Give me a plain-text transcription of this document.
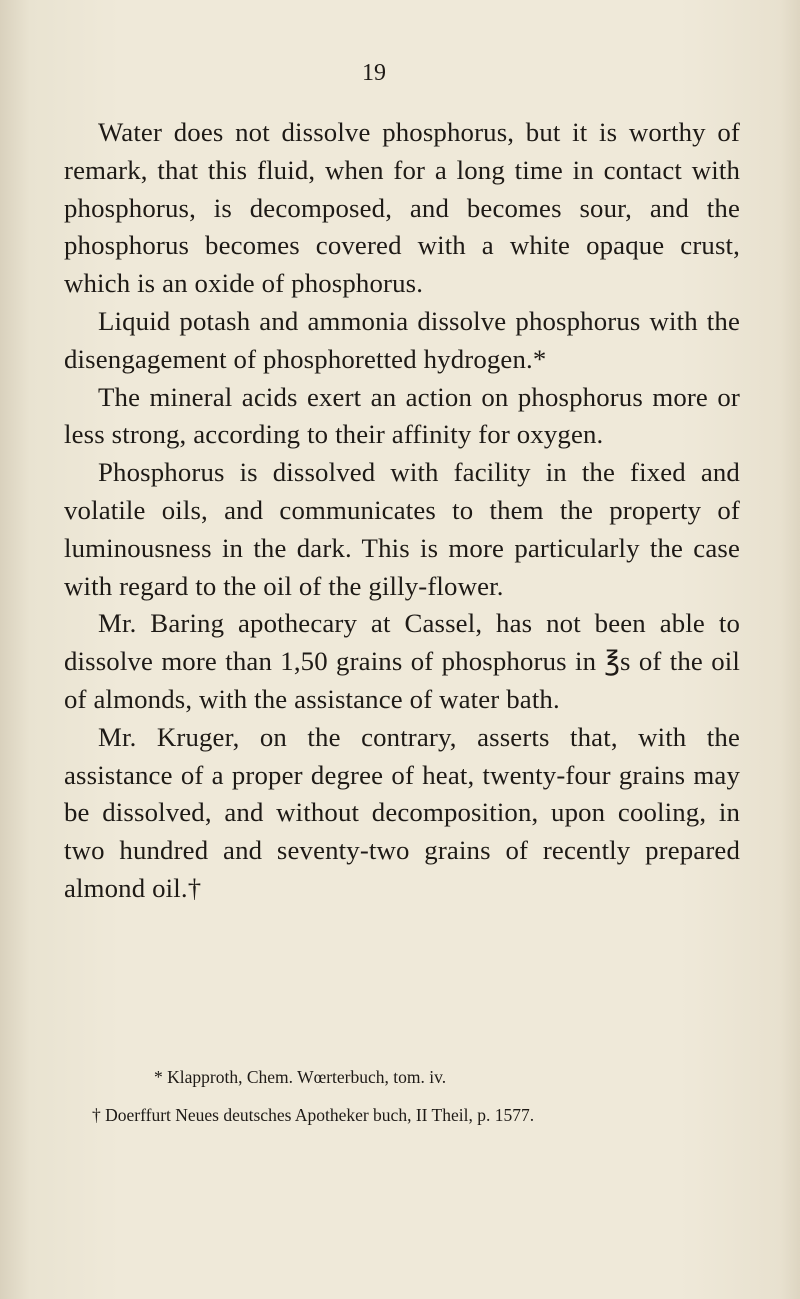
19

Water does not dissolve phosphorus, but it is worthy of remark, that this fluid, when for a long time in contact with phosphorus, is decomposed, and becomes sour, and the phosphorus becomes covered with a white opaque crust, which is an oxide of phosphorus.

Liquid potash and ammonia dissolve phosphorus with the disengagement of phosphoretted hydrogen.*

The mineral acids exert an action on phosphorus more or less strong, according to their affinity for oxygen.

Phosphorus is dissolved with facility in the fixed and volatile oils, and communicates to them the property of luminousness in the dark. This is more particularly the case with regard to the oil of the gilly-flower.

Mr. Baring apothecary at Cassel, has not been able to dissolve more than 1,50 grains of phosphorus in ℥s of the oil of almonds, with the assistance of water bath.

Mr. Kruger, on the contrary, asserts that, with the assistance of a proper degree of heat, twenty-four grains may be dissolved, and without decomposition, upon cooling, in two hundred and seventy-two grains of recently prepared almond oil.†

* Klapproth, Chem. Wœrterbuch, tom. iv.

† Doerffurt Neues deutsches Apotheker buch, II Theil, p. 1577.
